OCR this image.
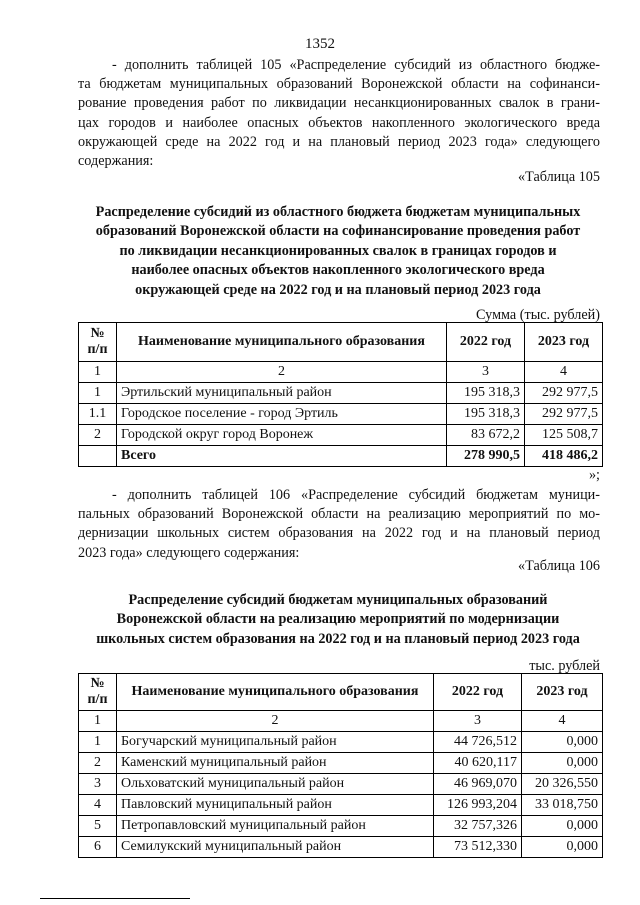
1352

- дополнить таблицей 105 «Распределение субсидий из областного бюдже-

та бюджетам муниципальных образований Воронежской области на софинанси-

рование проведения работ по ликвидации несанкционированных свалок в грани-

цах городов и наиболее опасных объектов накопленного экологического вреда

окружающей среде на 2022 год и на плановый период 2023 года» следующего

содержания:

«Таблица 105

Распределение субсидий из областного бюджета бюджетам муниципальных

образований Воронежской области на софинансирование проведения работ

по ликвидации несанкционированных свалок в границах городов и

наиболее опасных объектов накопленного экологического вреда

окружающей среде на 2022 год и на плановый период 2023 года

Сумма (тыс. рублей)
№ п/п	Наименование муниципального образования	2022 год	2023 год
1	2	3	4
1	Эртильский муниципальный район	195 318,3	292 977,5
1.1	Городское поселение - город Эртиль	195 318,3	292 977,5
2	Городской округ город Воронеж	83 672,2	125 508,7
	Всего	278 990,5	418 486,2
»;

- дополнить таблицей 106 «Распределение субсидий бюджетам муници-

пальных образований Воронежской области на реализацию мероприятий по мо-

дернизации школьных систем образования на 2022 год и на плановый период

2023 года» следующего содержания:

«Таблица 106

Распределение субсидий бюджетам муниципальных образований

Воронежской области на реализацию мероприятий по модернизации

школьных систем образования на 2022 год и на плановый период 2023 года

тыс. рублей
№ п/п	Наименование муниципального образования	2022 год	2023 год
1	2	3	4
1	Богучарский муниципальный район	44 726,512	0,000
2	Каменский муниципальный район	40 620,117	0,000
3	Ольховатский муниципальный район	46 969,070	20 326,550
4	Павловский муниципальный район	126 993,204	33 018,750
5	Петропавловский муниципальный район	32 757,326	0,000
6	Семилукский муниципальный район	73 512,330	0,000
